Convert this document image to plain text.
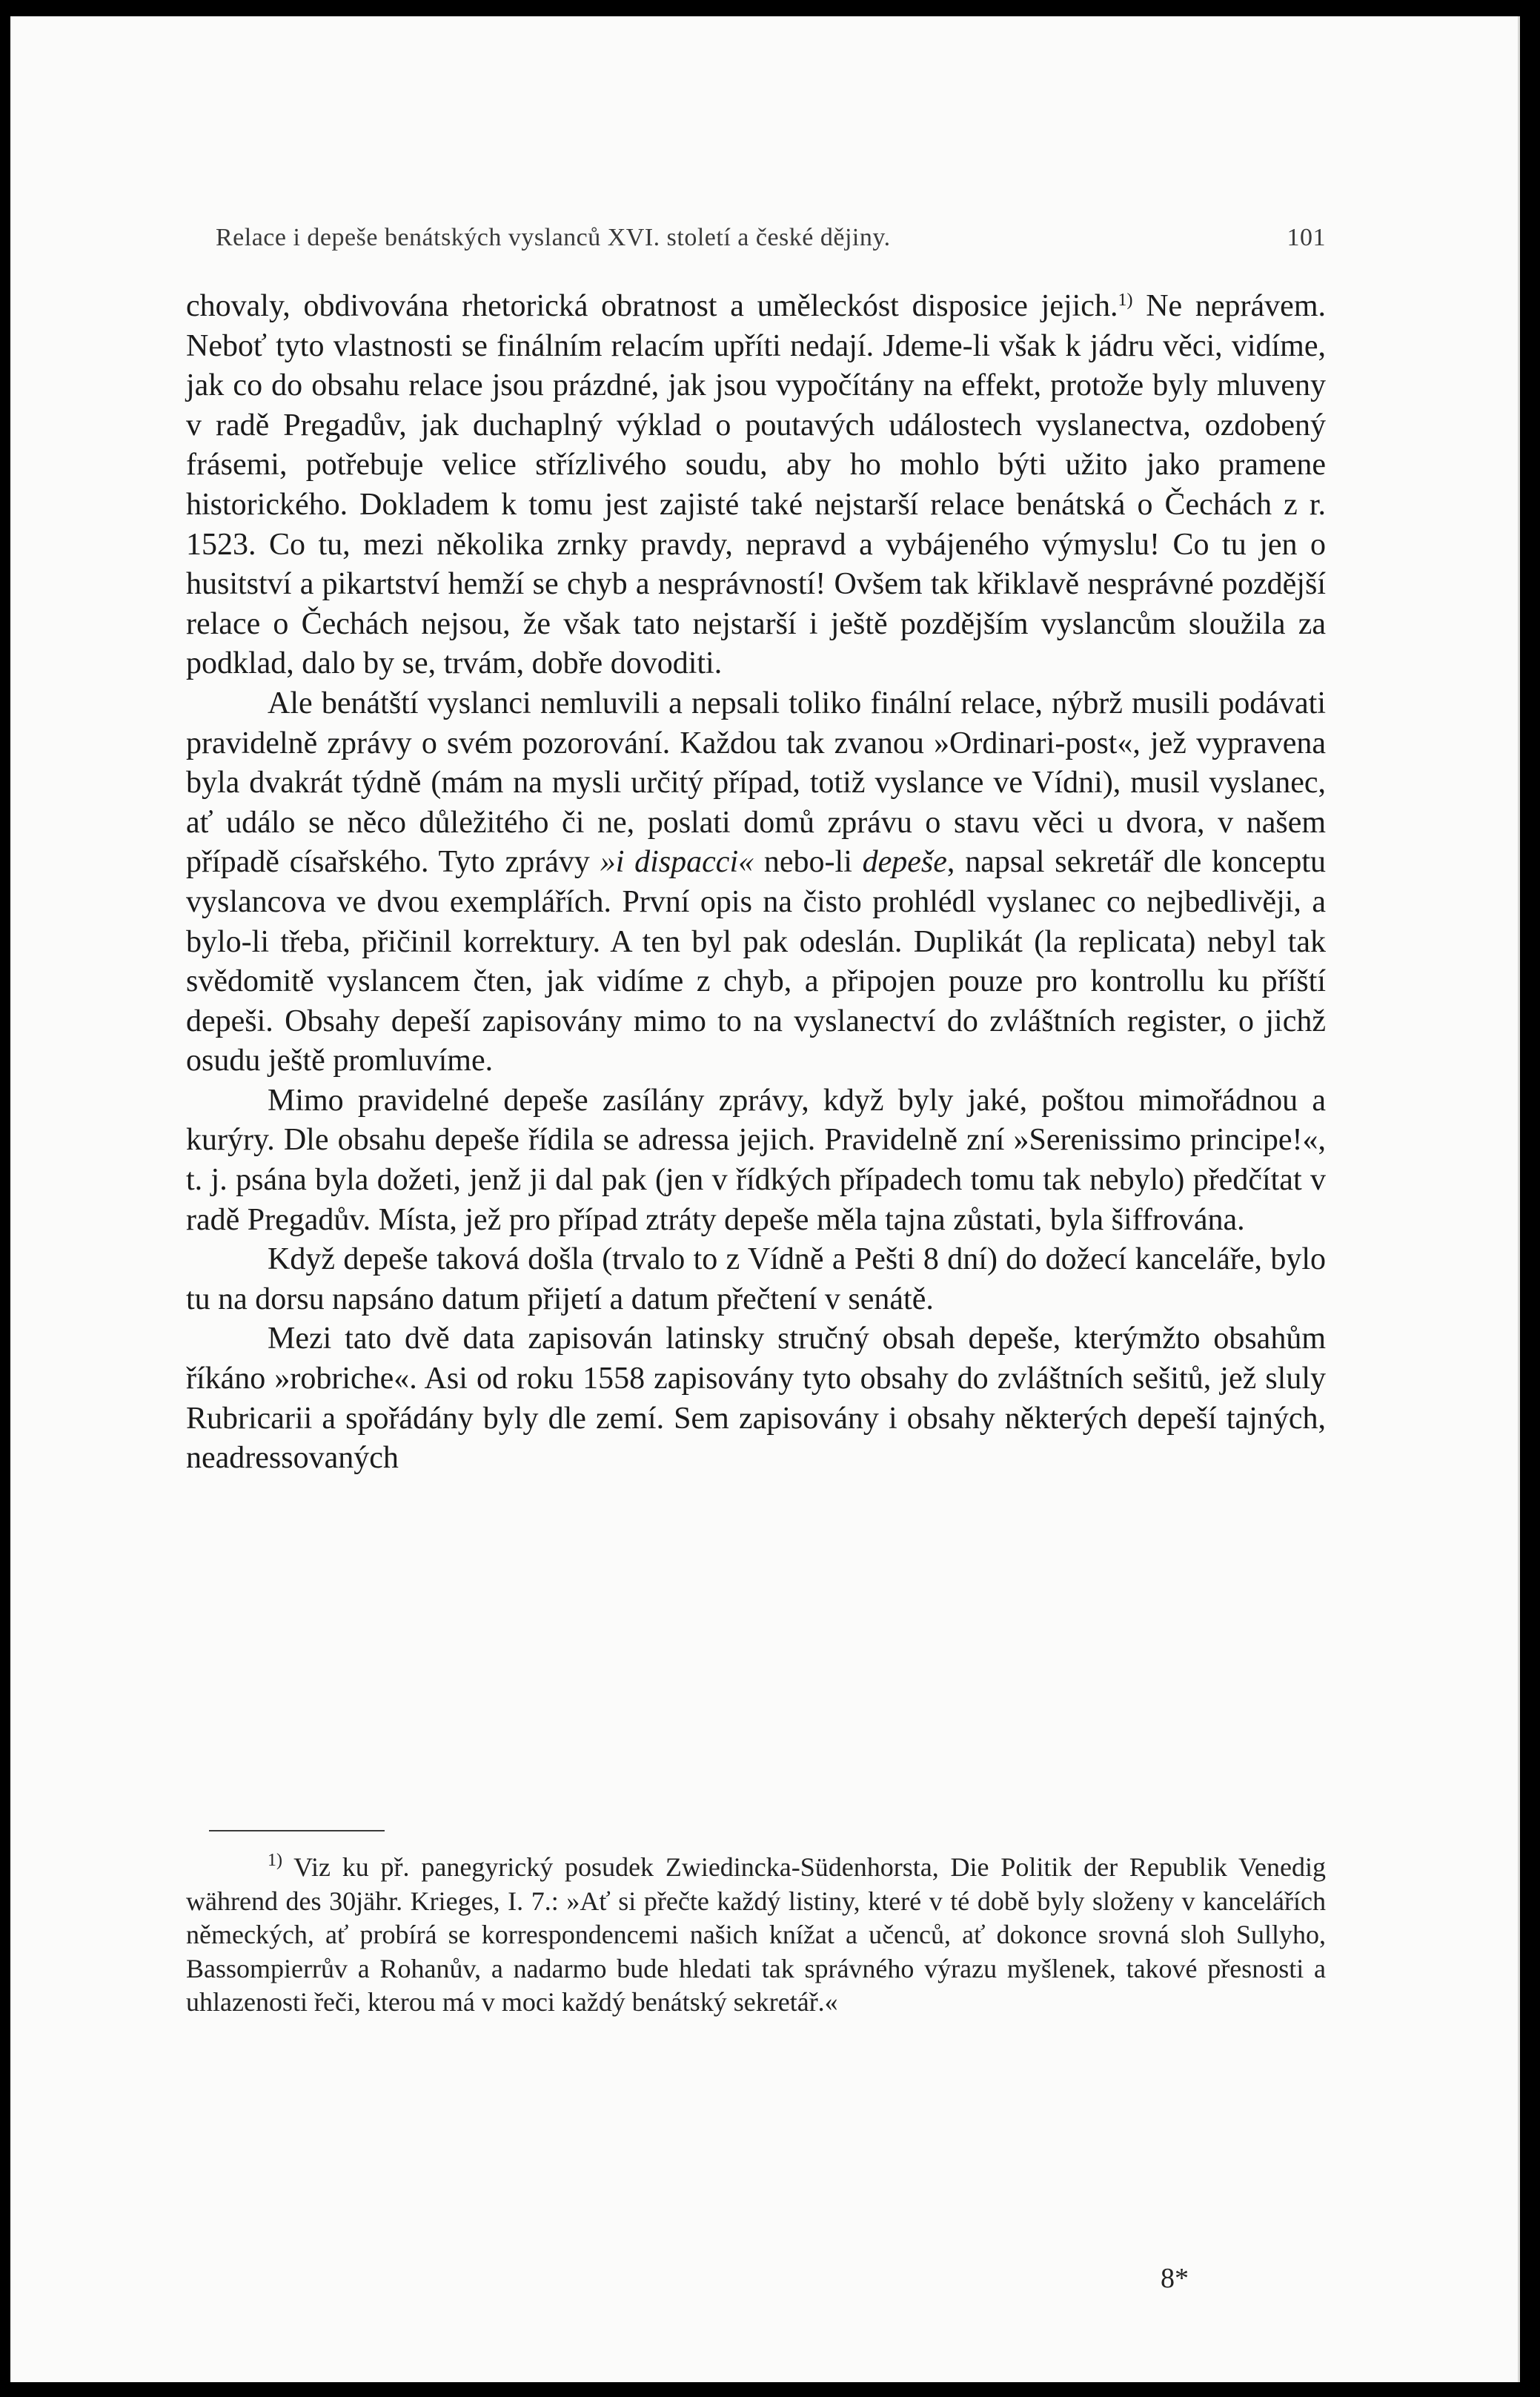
Relace i depeše benátských vyslanců XVI. století a české dějiny.	101

chovaly, obdivována rhetorická obratnost a uměleckóst disposice jejich.$^{1)}$ Ne neprávem. Neboť tyto vlastnosti se finálním relacím upříti nedají. Jdeme-li však k jádru věci, vidíme, jak co do obsahu relace jsou prázdné, jak jsou vypočítány na effekt, protože byly mluveny v radě Pregadův, jak duchaplný výklad o poutavých událostech vyslanectva, ozdobený frásemi, potřebuje velice střízlivého soudu, aby ho mohlo býti užito jako pramene historického. Dokladem k tomu jest zajisté také nejstarší relace benátská o Čechách z r. 1523. Co tu, mezi několika zrnky pravdy, nepravd a vybájeného výmyslu! Co tu jen o husitství a pikartství hemží se chyb a nesprávností! Ovšem tak křiklavě nesprávné pozdější relace o Čechách nejsou, že však tato nejstarší i ještě pozdějším vyslancům sloužila za podklad, dalo by se, trvám, dobře dovoditi.

Ale benátští vyslanci nemluvili a nepsali toliko finální relace, nýbrž musili podávati pravidelně zprávy o svém pozorování. Každou tak zvanou »Ordinari-post«, jež vypravena byla dvakrát týdně (mám na mysli určitý případ, totiž vyslance ve Vídni), musil vyslanec, ať událo se něco důležitého či ne, poslati domů zprávu o stavu věci u dvora, v našem případě císařského. Tyto zprávy »i dispacci« nebo-li depeše, napsal sekretář dle konceptu vyslancova ve dvou exemplářích. První opis na čisto prohlédl vyslanec co nejbedlivěji, a bylo-li třeba, přičinil korrektury. A ten byl pak odeslán. Duplikát (la replicata) nebyl tak svědomitě vyslancem čten, jak vidíme z chyb, a připojen pouze pro kontrollu ku příští depeši. Obsahy depeší zapisovány mimo to na vyslanectví do zvláštních register, o jichž osudu ještě promluvíme.

Mimo pravidelné depeše zasílány zprávy, když byly jaké, poštou mimořádnou a kurýry. Dle obsahu depeše řídila se adressa jejich. Pravidelně zní »Serenissimo principe!«, t. j. psána byla dožeti, jenž ji dal pak (jen v řídkých případech tomu tak nebylo) předčítat v radě Pregadův. Místa, jež pro případ ztráty depeše měla tajna zůstati, byla šiffrována.

Když depeše taková došla (trvalo to z Vídně a Pešti 8 dní) do dožecí kanceláře, bylo tu na dorsu napsáno datum přijetí a datum přečtení v senátě.

Mezi tato dvě data zapisován latinsky stručný obsah depeše, kterýmžto obsahům říkáno »robriche«. Asi od roku 1558 zapisovány tyto obsahy do zvláštních sešitů, jež sluly Rubricarii a spořádány byly dle zemí. Sem zapisovány i obsahy některých depeší tajných, neadressovaných

$^{1)}$ Viz ku př. panegyrický posudek Zwiedincka-Südenhorsta, Die Politik der Republik Venedig während des 30jähr. Krieges, I. 7.: »Ať si přečte každý listiny, které v té době byly složeny v kancelářích německých, ať probírá se korrespondencemi našich knížat a učenců, ať dokonce srovná sloh Sullyho, Bassompierrův a Rohanův, a nadarmo bude hledati tak správného výrazu myšlenek, takové přesnosti a uhlazenosti řeči, kterou má v moci každý benátský sekretář.«

8*
